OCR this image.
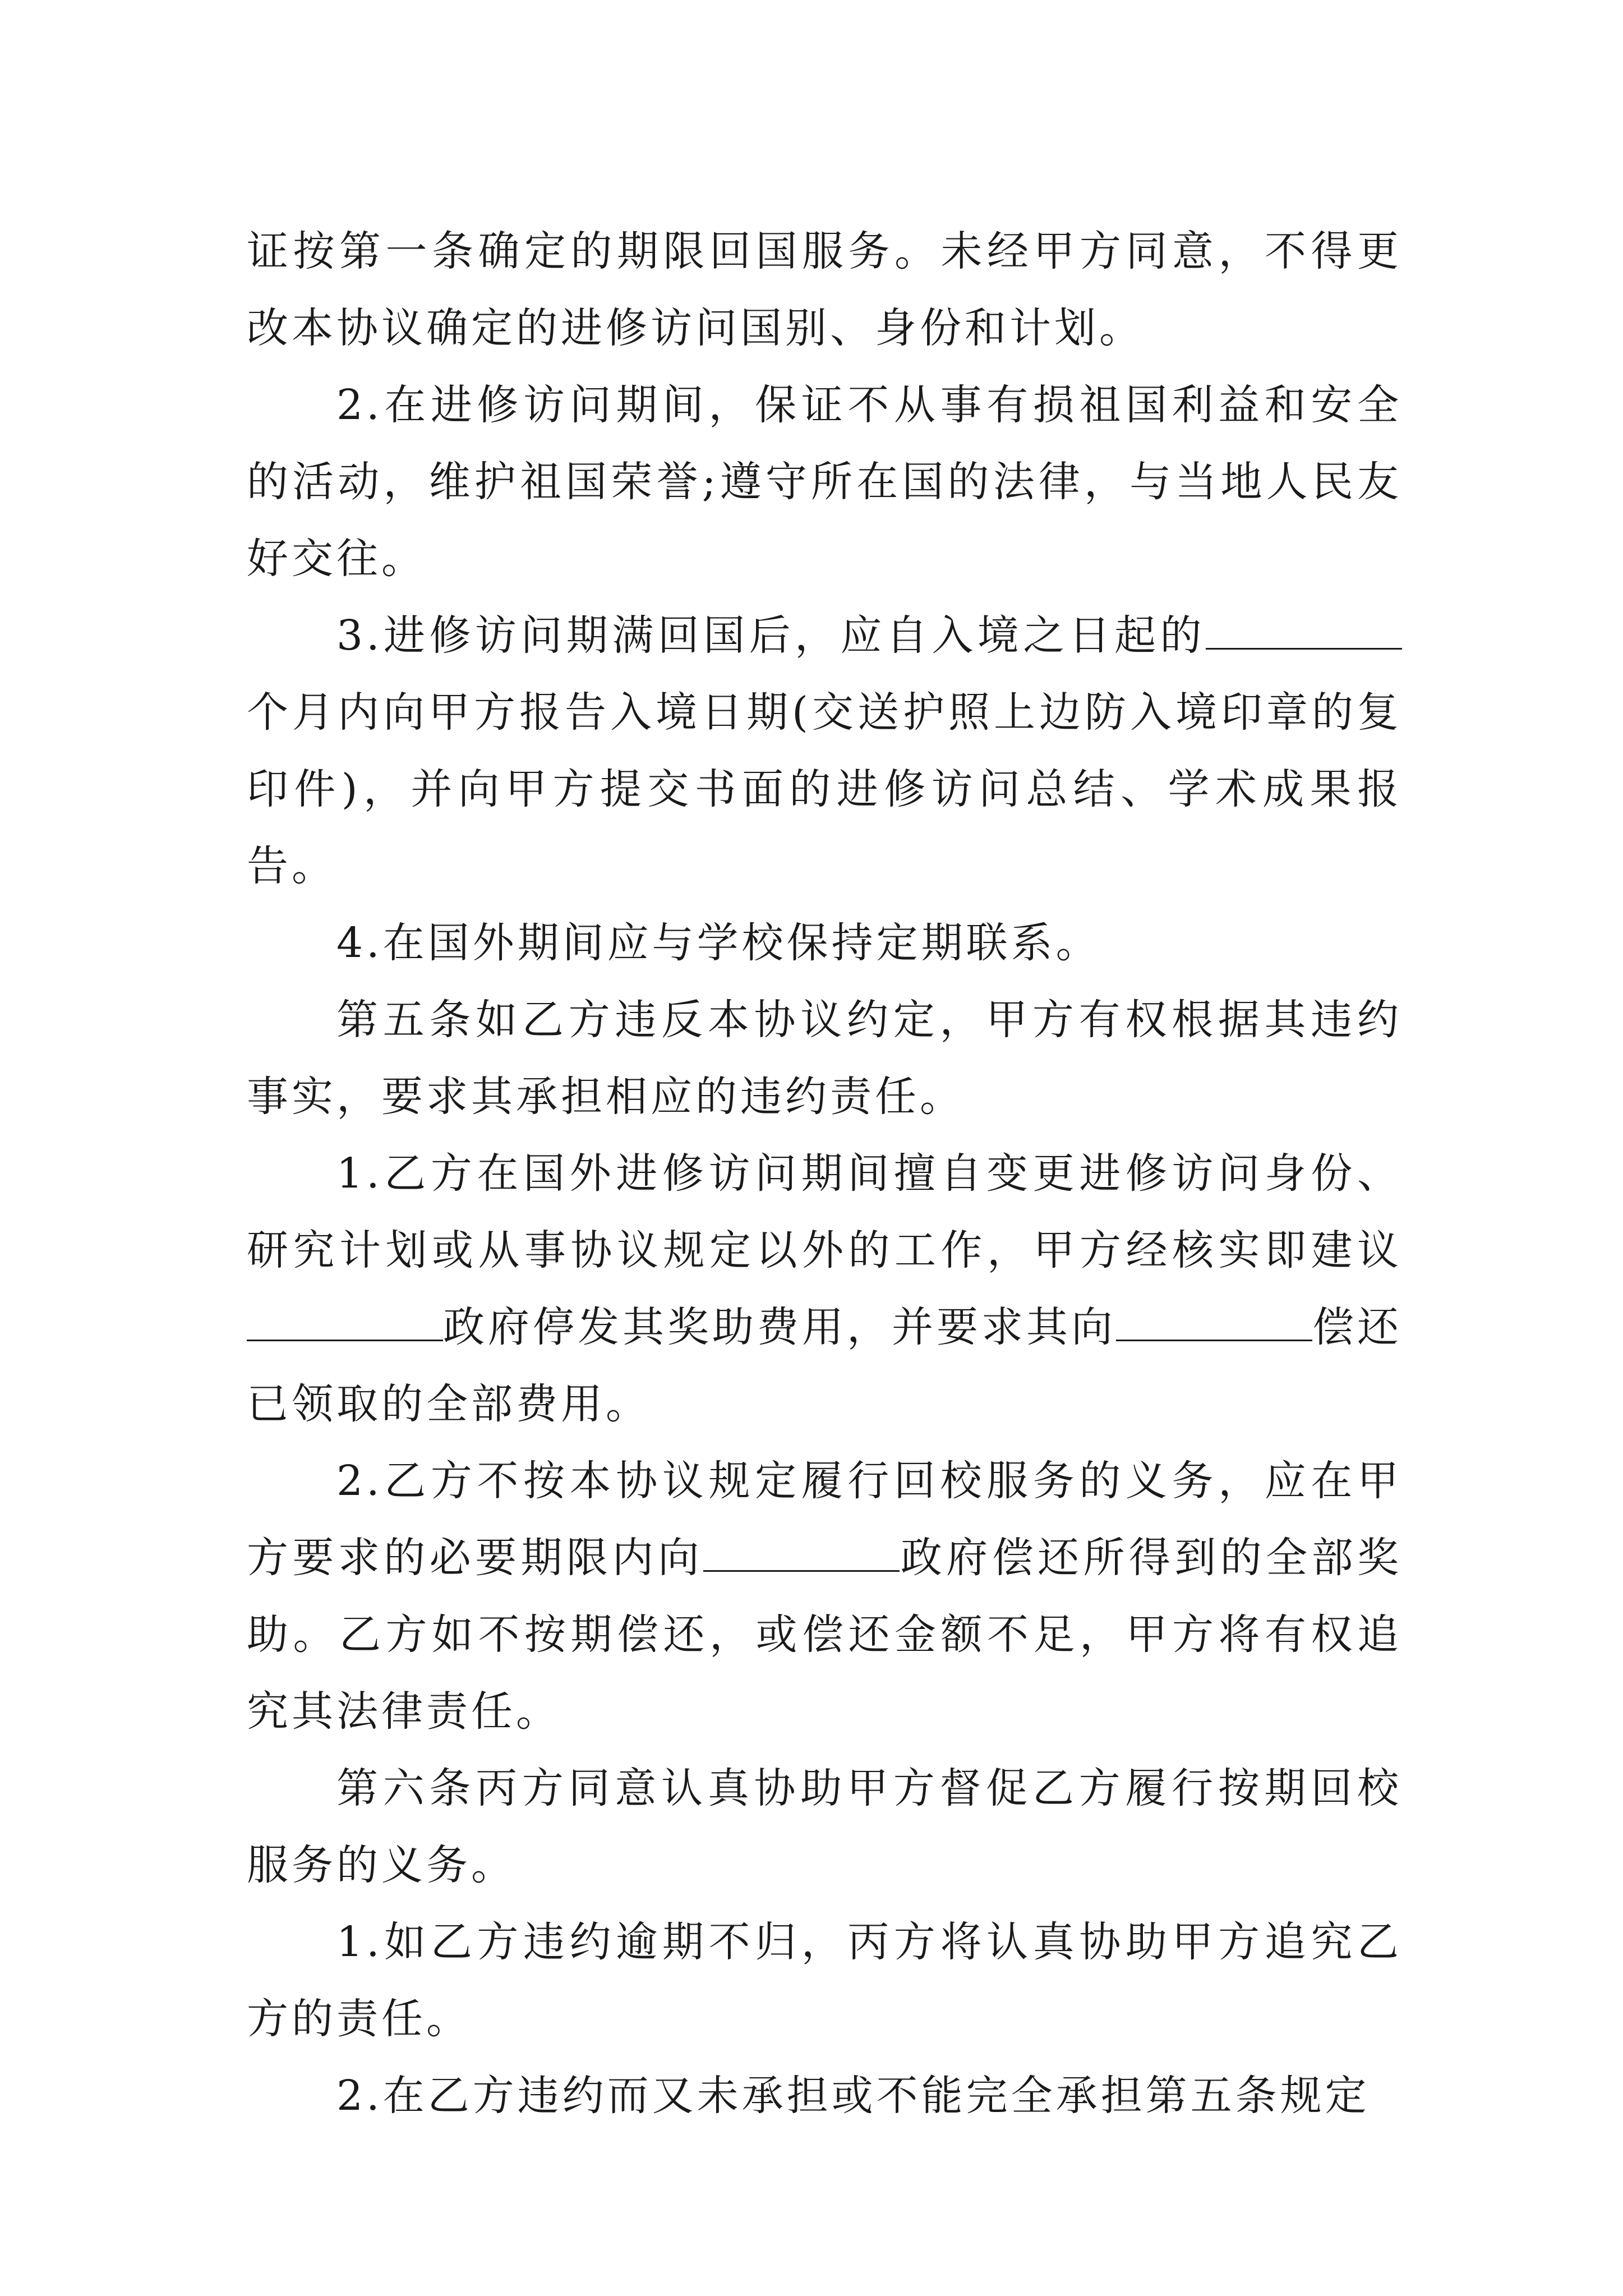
证按第一条确定的期限回国服务。未经甲方同意，不得更改本协议确定的进修访问国别、身份和计划。

2.在进修访问期间，保证不从事有损祖国利益和安全的活动，维护祖国荣誉;遵守所在国的法律，与当地人民友好交往。

3.进修访问期满回国后，应自入境之日起的个月内向甲方报告入境日期(交送护照上边防入境印章的复印件)，并向甲方提交书面的进修访问总结、学术成果报告。

4.在国外期间应与学校保持定期联系。

第五条如乙方违反本协议约定，甲方有权根据其违约事实，要求其承担相应的违约责任。

1.乙方在国外进修访问期间擅自变更进修访问身份、研究计划或从事协议规定以外的工作，甲方经核实即建议政府停发其奖助费用，并要求其向	偿还已领取的全部费用。

2.乙方不按本协议规定履行回校服务的义务，应在甲方要求的必要期限内向	政府偿还所得到的全部奖助。乙方如不按期偿还，或偿还金额不足，甲方将有权追究其法律责任。

第六条丙方同意认真协助甲方督促乙方履行按期回校服务的义务。

1.如乙方违约逾期不归，丙方将认真协助甲方追究乙方的责任。

2.在乙方违约而又未承担或不能完全承担第五条规定
